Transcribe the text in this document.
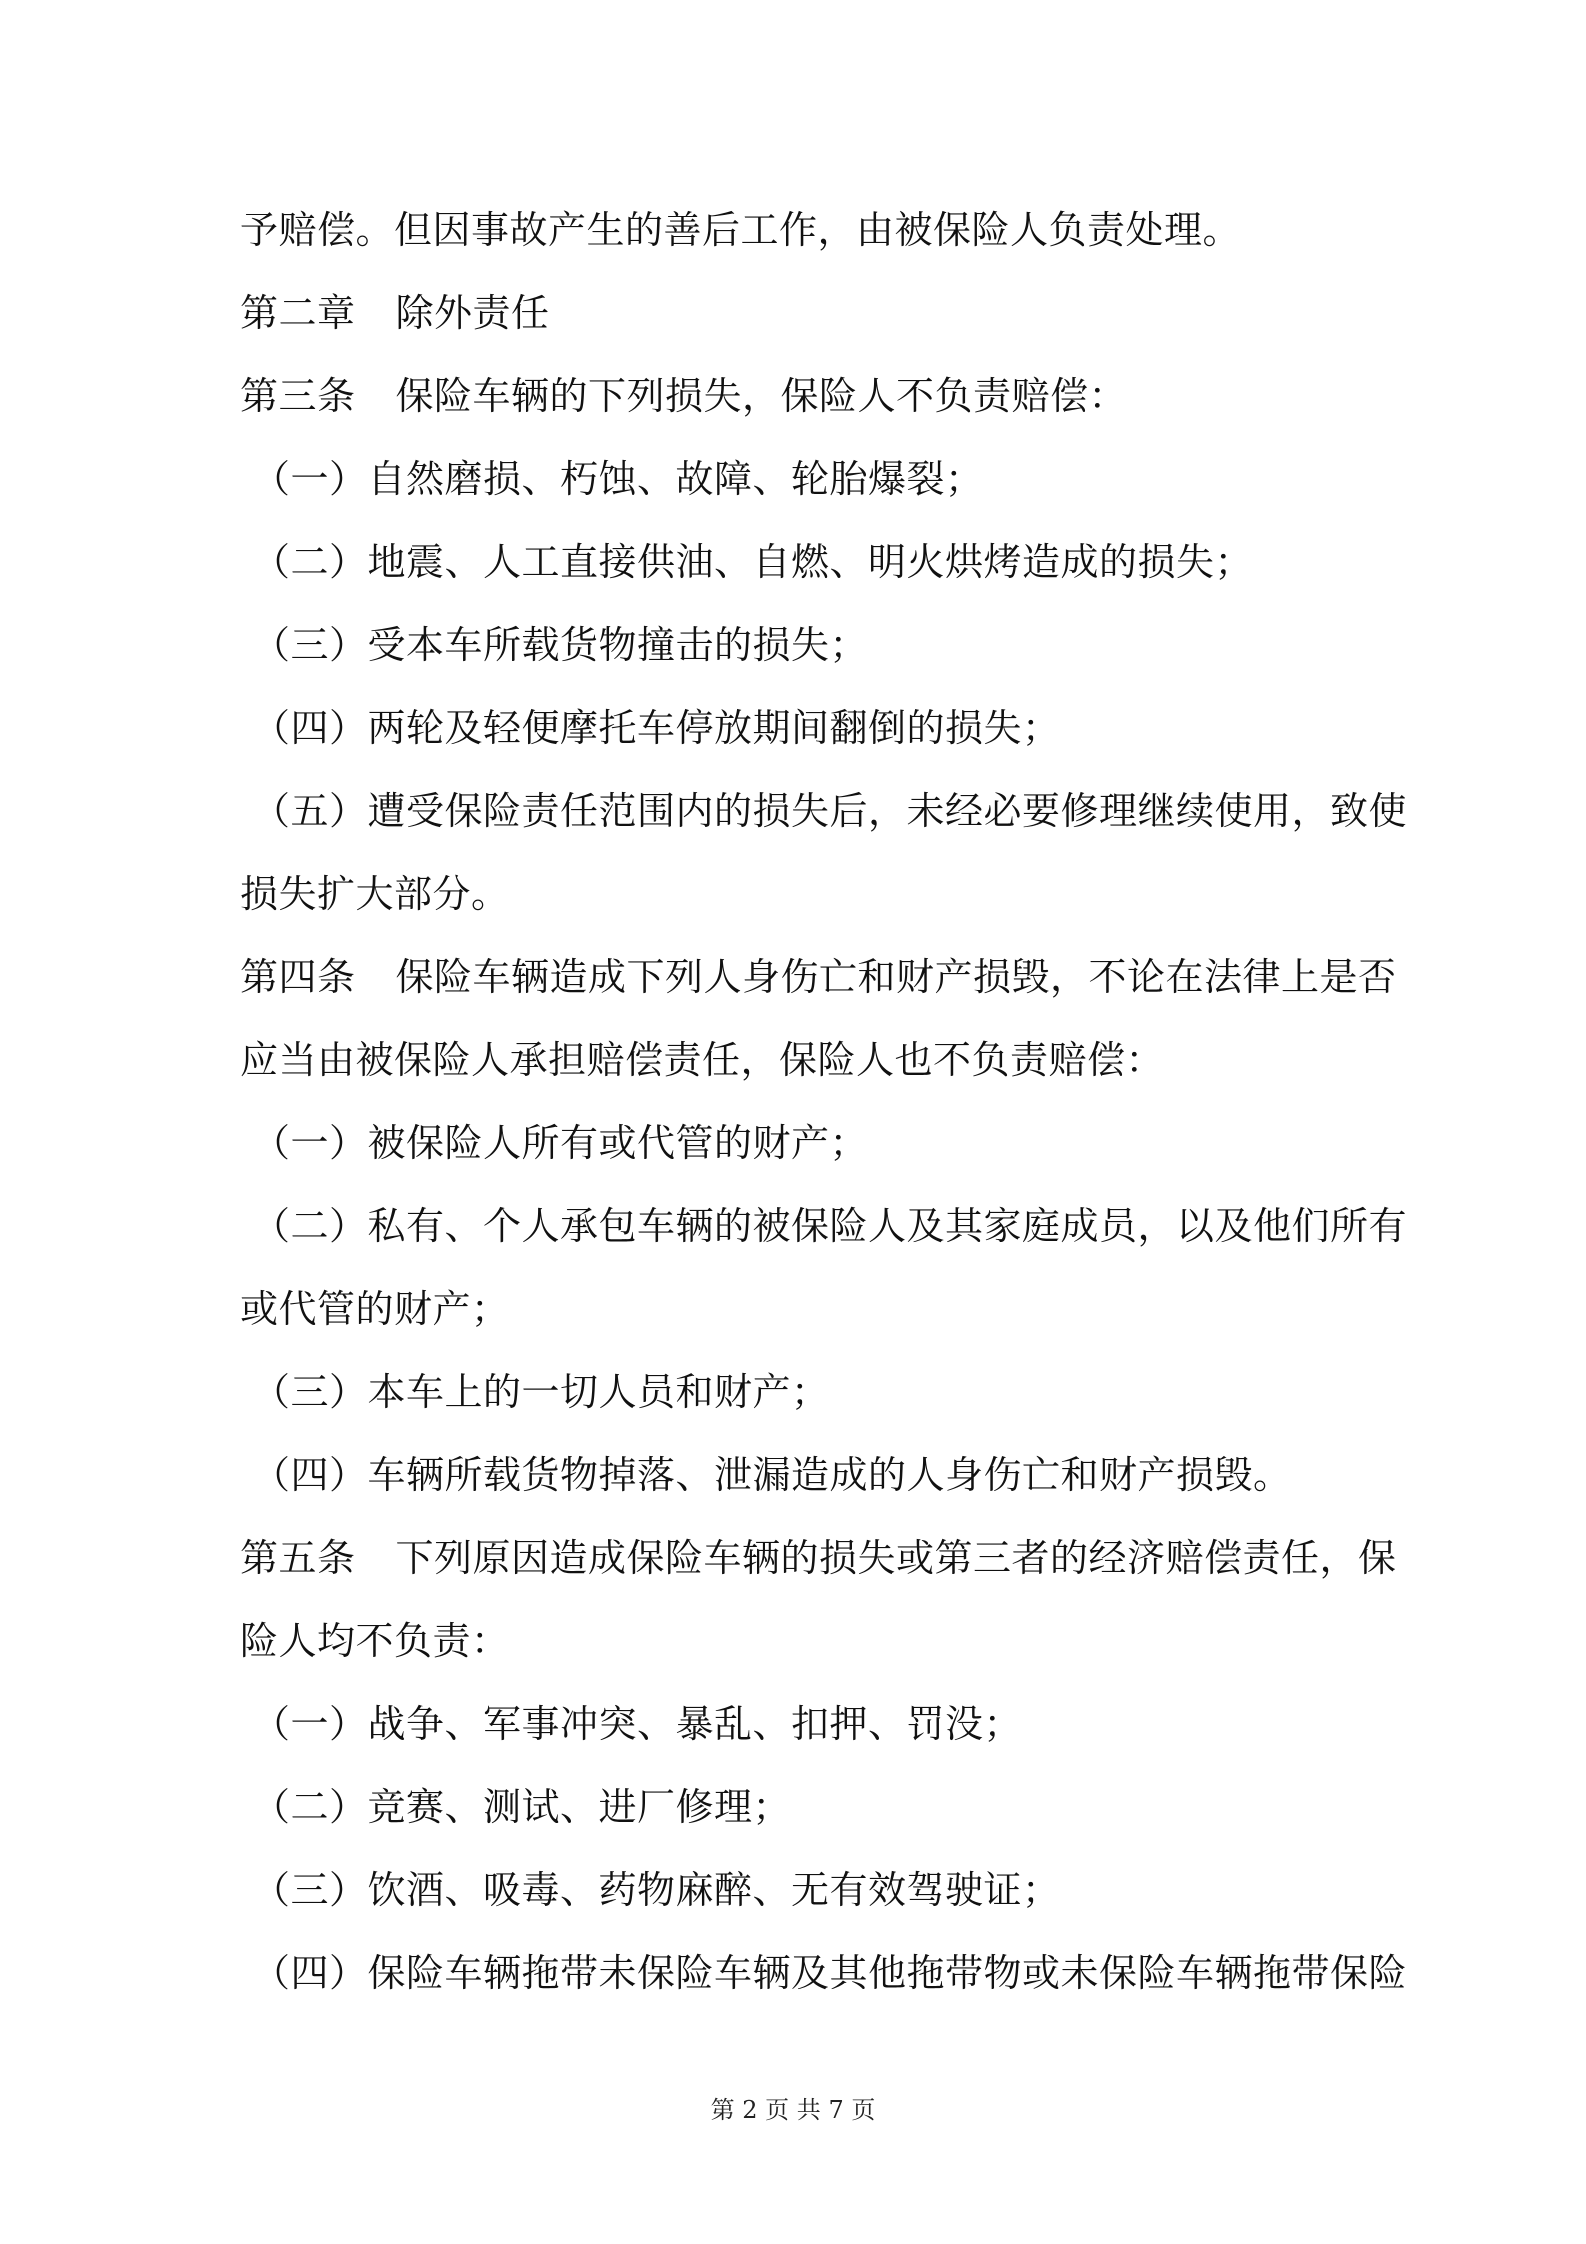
予赔偿。但因事故产生的善后工作，由被保险人负责处理。
第二章 除外责任
第三条 保险车辆的下列损失，保险人不负责赔偿：
（一）自然磨损、朽蚀、故障、轮胎爆裂；
（二）地震、人工直接供油、自燃、明火烘烤造成的损失；
（三）受本车所载货物撞击的损失；
（四）两轮及轻便摩托车停放期间翻倒的损失；
（五）遭受保险责任范围内的损失后，未经必要修理继续使用，致使
损失扩大部分。
第四条 保险车辆造成下列人身伤亡和财产损毁，不论在法律上是否
应当由被保险人承担赔偿责任，保险人也不负责赔偿：
（一）被保险人所有或代管的财产；
（二）私有、个人承包车辆的被保险人及其家庭成员，以及他们所有
或代管的财产；
（三）本车上的一切人员和财产；
（四）车辆所载货物掉落、泄漏造成的人身伤亡和财产损毁。
第五条 下列原因造成保险车辆的损失或第三者的经济赔偿责任，保
险人均不负责：
（一）战争、军事冲突、暴乱、扣押、罚没；
（二）竞赛、测试、进厂修理；
（三）饮酒、吸毒、药物麻醉、无有效驾驶证；
（四）保险车辆拖带未保险车辆及其他拖带物或未保险车辆拖带保险
第 2 页 共 7 页
